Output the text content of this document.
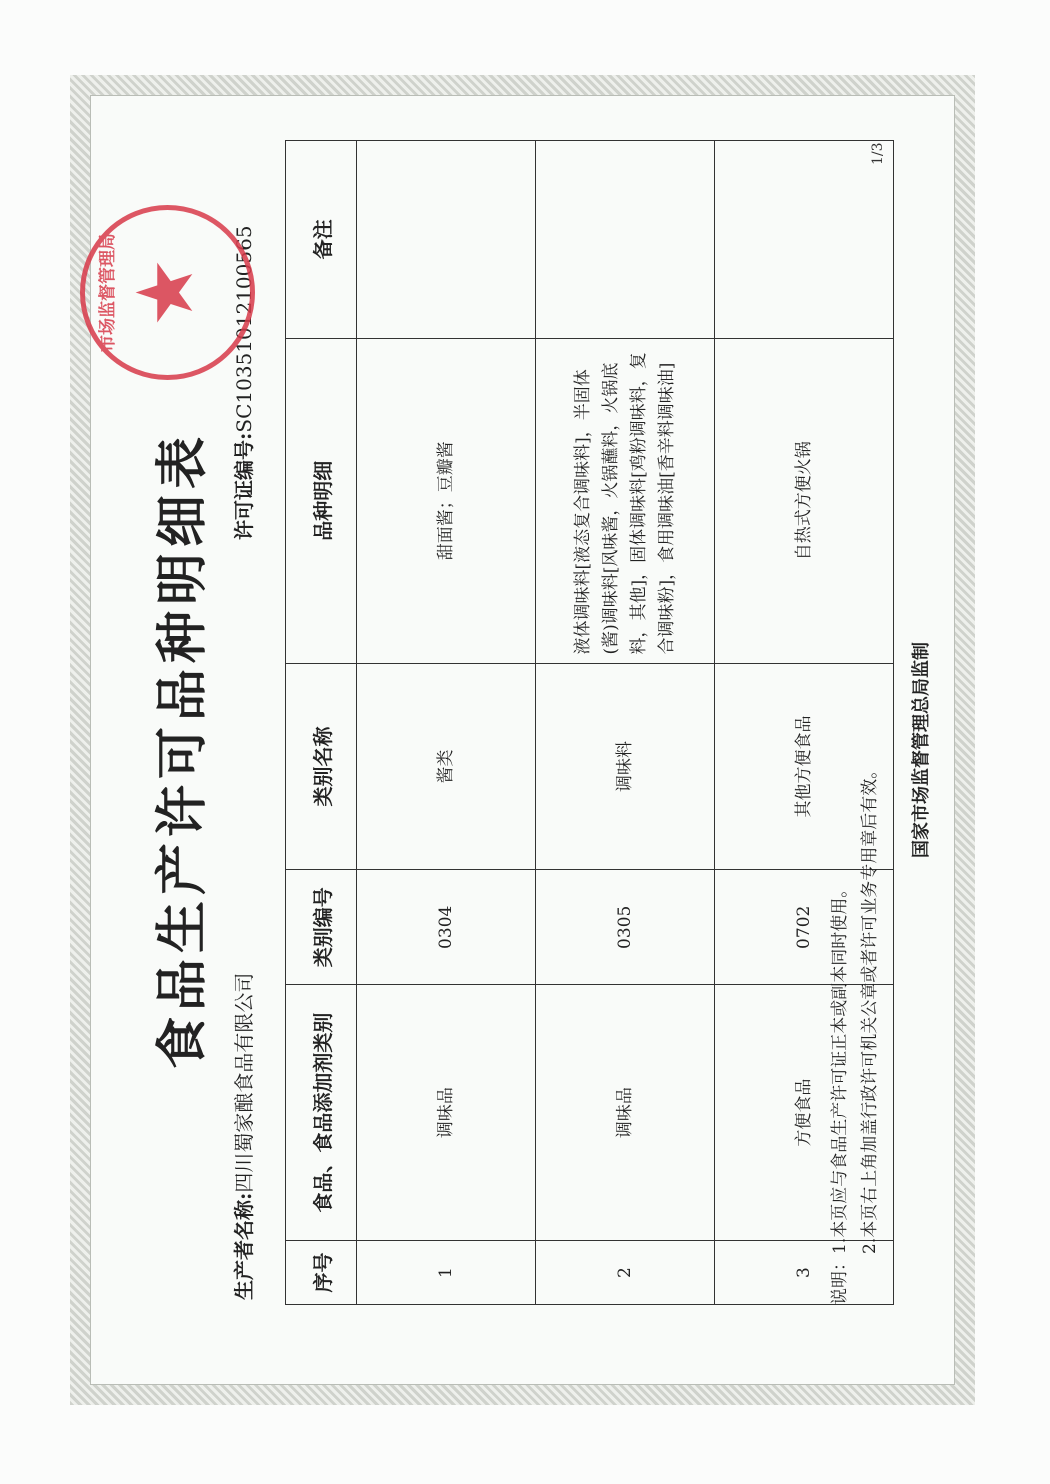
食品生产许可品种明细表
生产者名称:四川蜀家酿食品有限公司
许可证编号:SC10351012100565
序号	食品、食品添加剂类别	类别编号	类别名称	品种明细	备注
1	调味品	0304	酱类	甜面酱；豆瓣酱	
2	调味品	0305	调味料	液体调味料[液态复合调味料]，半固体(酱)调味料[风味酱，火锅蘸料，火锅底料，其他]，固体调味料[鸡粉调味料，复合调味粉]，食用调味油[香辛料调味油]	
3	方便食品	0702	其他方便食品	自热式方便火锅	
说明：1.本页应与食品生产许可证正本或副本同时使用。 2.本页右上角加盖行政许可机关公章或者许可业务专用章后有效。
1/3
国家市场监督管理总局监制
市场监督管理局 ★
